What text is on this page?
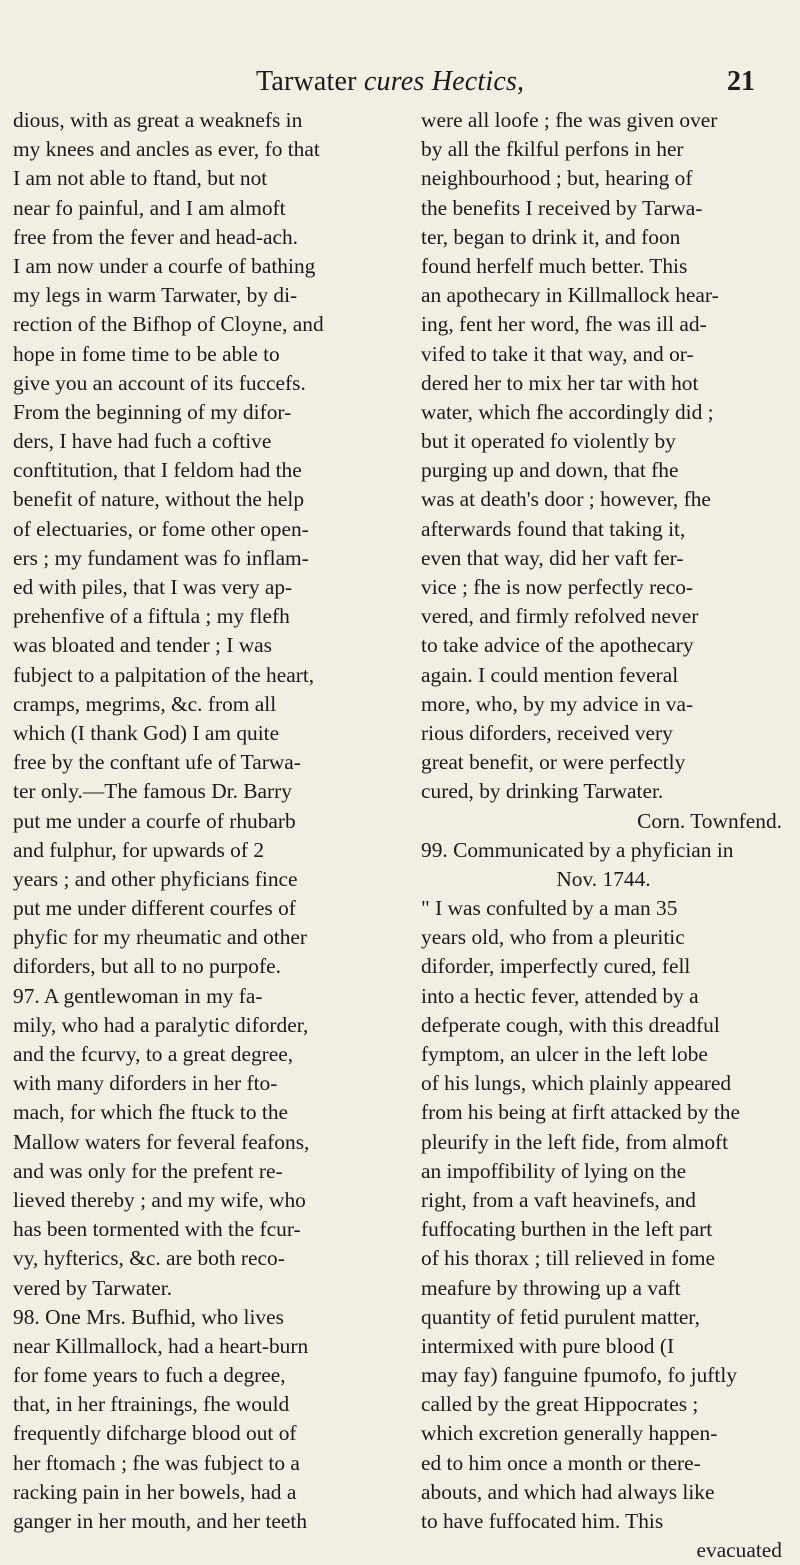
Tarwater cures Hectics,	21
dious, with as great a weaknefs in
my knees and ancles as ever, fo that
I am not able to ftand, but not
near fo painful, and I am almoft
free from the fever and head-ach.
I am now under a courfe of bathing
my legs in warm Tarwater, by di-
rection of the Bifhop of Cloyne, and
hope in fome time to be able to
give you an account of its fuccefs.
From the beginning of my difor-
ders, I have had fuch a coftive
conftitution, that I feldom had the
benefit of nature, without the help
of electuaries, or fome other open-
ers ; my fundament was fo inflam-
ed with piles, that I was very ap-
prehenfive of a fiftula ; my flefh
was bloated and tender ; I was
fubject to a palpitation of the heart,
cramps, megrims, &c. from all
which (I thank God) I am quite
free by the conftant ufe of Tarwa-
ter only.—The famous Dr. Barry
put me under a courfe of rhubarb
and fulphur, for upwards of 2
years ; and other phyficians fince
put me under different courfes of
phyfic for my rheumatic and other
diforders, but all to no purpofe.
97. A gentlewoman in my fa-
mily, who had a paralytic diforder,
and the fcurvy, to a great degree,
with many diforders in her fto-
mach, for which fhe ftuck to the
Mallow waters for feveral feafons,
and was only for the prefent re-
lieved thereby ; and my wife, who
has been tormented with the fcur-
vy, hyfterics, &c. are both reco-
vered by Tarwater.
98. One Mrs. Bufhid, who lives
near Killmallock, had a heart-burn
for fome years to fuch a degree,
that, in her ftrainings, fhe would
frequently difcharge blood out of
her ftomach ; fhe was fubject to a
racking pain in her bowels, had a
ganger in her mouth, and her teeth
were all loofe ; fhe was given over
by all the fkilful perfons in her
neighbourhood ; but, hearing of
the benefits I received by Tarwa-
ter, began to drink it, and foon
found herfelf much better. This
an apothecary in Killmallock hear-
ing, fent her word, fhe was ill ad-
vifed to take it that way, and or-
dered her to mix her tar with hot
water, which fhe accordingly did ;
but it operated fo violently by
purging up and down, that fhe
was at death's door ; however, fhe
afterwards found that taking it,
even that way, did her vaft fer-
vice ; fhe is now perfectly reco-
vered, and firmly refolved never
to take advice of the apothecary
again. I could mention feveral
more, who, by my advice in va-
rious diforders, received very
great benefit, or were perfectly
cured, by drinking Tarwater.
Corn. Townfend.
99. Communicated by a phyfician in
Nov. 1744.
" I was confulted by a man 35
years old, who from a pleuritic
diforder, imperfectly cured, fell
into a hectic fever, attended by a
defperate cough, with this dreadful
fymptom, an ulcer in the left lobe
of his lungs, which plainly appeared
from his being at firft attacked by the
pleurify in the left fide, from almoft
an impoffibility of lying on the
right, from a vaft heavinefs, and
fuffocating burthen in the left part
of his thorax ; till relieved in fome
meafure by throwing up a vaft
quantity of fetid purulent matter,
intermixed with pure blood (I
may fay) fanguine fpumofo, fo juftly
called by the great Hippocrates ;
which excretion generally happen-
ed to him once a month or there-
abouts, and which had always like
to have fuffocated him. This
evacuated
